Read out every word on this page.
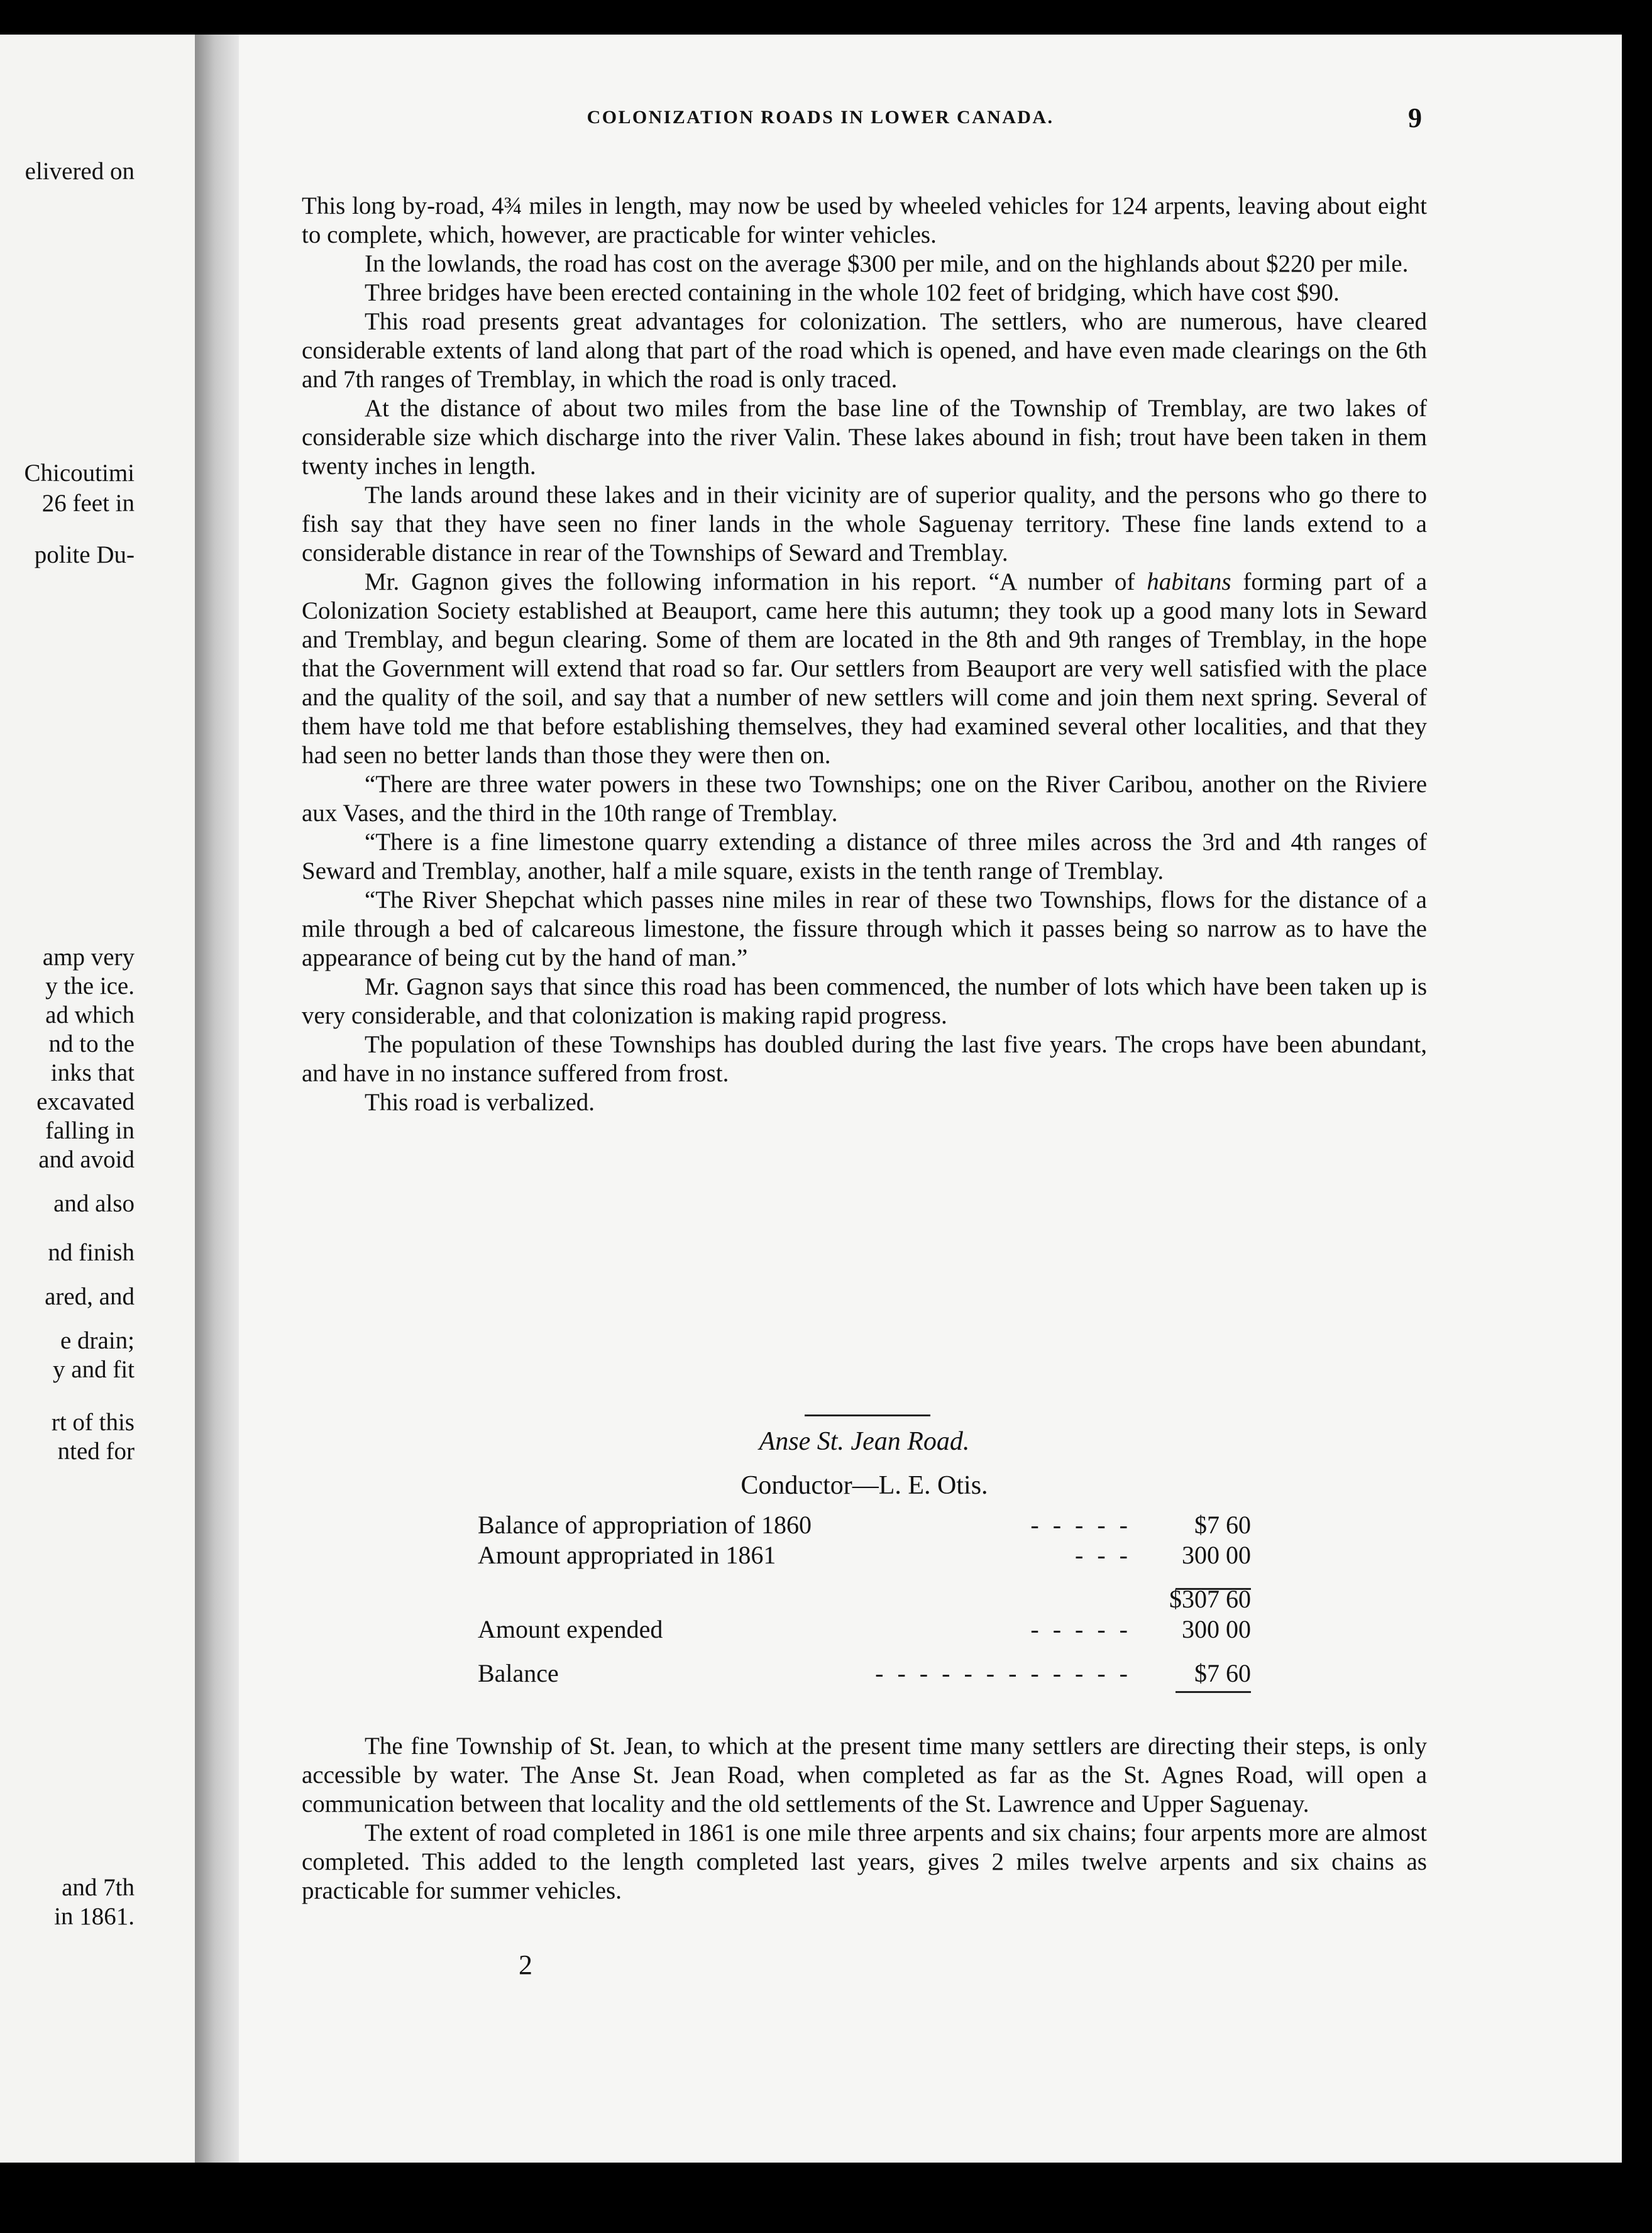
elivered on
Chicoutimi
26 feet in
polite Du-
amp very
y the ice.
ad which
nd to the
inks that
excavated
falling in
and avoid
and also
nd finish
ared, and
e drain;
y and fit
rt of this
nted for
and 7th
in 1861.
COLONIZATION ROADS IN LOWER CANADA.	9

This long by-road, 4¾ miles in length, may now be used by wheeled vehicles for 124 arpents, leaving about eight to complete, which, however, are practicable for winter vehicles.

In the lowlands, the road has cost on the average $300 per mile, and on the highlands about $220 per mile.

Three bridges have been erected containing in the whole 102 feet of bridging, which have cost $90.

This road presents great advantages for colonization. The settlers, who are numerous, have cleared considerable extents of land along that part of the road which is opened, and have even made clearings on the 6th and 7th ranges of Tremblay, in which the road is only traced.

At the distance of about two miles from the base line of the Township of Tremblay, are two lakes of considerable size which discharge into the river Valin. These lakes abound in fish; trout have been taken in them twenty inches in length.

The lands around these lakes and in their vicinity are of superior quality, and the persons who go there to fish say that they have seen no finer lands in the whole Saguenay territory. These fine lands extend to a considerable distance in rear of the Townships of Seward and Tremblay.

Mr. Gagnon gives the following information in his report. “A number of habitans forming part of a Colonization Society established at Beauport, came here this autumn; they took up a good many lots in Seward and Tremblay, and begun clearing. Some of them are located in the 8th and 9th ranges of Tremblay, in the hope that the Government will extend that road so far. Our settlers from Beauport are very well satisfied with the place and the quality of the soil, and say that a number of new settlers will come and join them next spring. Several of them have told me that before establishing themselves, they had examined several other localities, and that they had seen no better lands than those they were then on.

“There are three water powers in these two Townships; one on the River Caribou, another on the Riviere aux Vases, and the third in the 10th range of Tremblay.

“There is a fine limestone quarry extending a distance of three miles across the 3rd and 4th ranges of Seward and Tremblay, another, half a mile square, exists in the tenth range of Tremblay.

“The River Shepchat which passes nine miles in rear of these two Townships, flows for the distance of a mile through a bed of calcareous limestone, the fissure through which it passes being so narrow as to have the appearance of being cut by the hand of man.”

Mr. Gagnon says that since this road has been commenced, the number of lots which have been taken up is very considerable, and that colonization is making rapid progress.

The population of these Townships has doubled during the last five years. The crops have been abundant, and have in no instance suffered from frost.

This road is verbalized.

Anse St. Jean Road.
Conductor—L. E. Otis.
Balance of appropriation of 1860	- - - - -	$7 60
Amount appropriated in 1861	- - -	300 00
$307 60
Amount expended	- - - - -	300 00
Balance	- - - - - - - - - - - -	$7 60

The fine Township of St. Jean, to which at the present time many settlers are directing their steps, is only accessible by water. The Anse St. Jean Road, when completed as far as the St. Agnes Road, will open a communication between that locality and the old settlements of the St. Lawrence and Upper Saguenay.

The extent of road completed in 1861 is one mile three arpents and six chains; four arpents more are almost completed. This added to the length completed last years, gives 2 miles twelve arpents and six chains as practicable for summer vehicles.

2
